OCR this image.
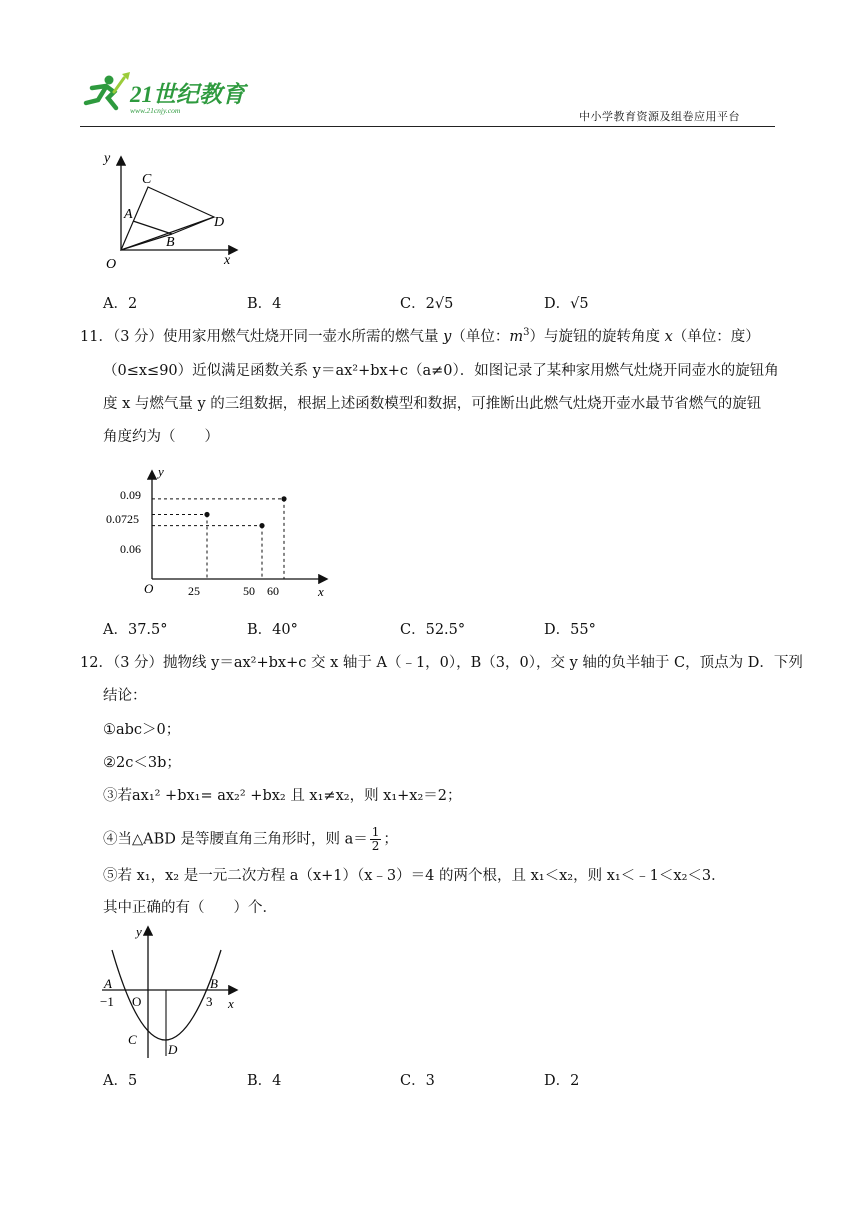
21世纪教育
www.21cnjy.com	中小学教育资源及组卷应用平台
y
x
O
C
A
B
D
A．2	B．4	C．2√5	D．√5
11．（3 分）使用家用燃气灶烧开同一壶水所需的燃气量 y（单位：$m^3$）与旋钮的旋转角度 x（单位：度）
（0≤x≤90）近似满足函数关系 y＝ax²+bx+c（a≠0）．如图记录了某种家用燃气灶烧开同壶水的旋钮角
度 x 与燃气量 y 的三组数据，根据上述函数模型和数据，可推断出此燃气灶烧开壶水最节省燃气的旋钮
角度约为（　　）
y
x
O
0.09
0.0725
0.06
25	50 60
A．37.5°	B．40°	C．52.5°	D．55°
12．（3 分）抛物线 y＝ax²+bx+c 交 x 轴于 A（﹣1，0），B（3，0），交 y 轴的负半轴于 C，顶点为 D．下列
结论：
①abc＞0；
②2c＜3b；
③若ax₁² +bx₁= ax₂² +bx₂ 且 x₁≠x₂，则 x₁+x₂＝2；
④当△ABD 是等腰直角三角形时，则 $a= \frac{1}{2}$ ；
⑤若 x₁，x₂ 是一元二次方程 a（x+1）（x﹣3）＝4 的两个根，且 x₁＜x₂，则 x₁＜﹣1＜x₂＜3．
其中正确的有（　　）个．
y
x
A	B
−1 O	3
C
D
A．5	B．4	C．3	D．2
